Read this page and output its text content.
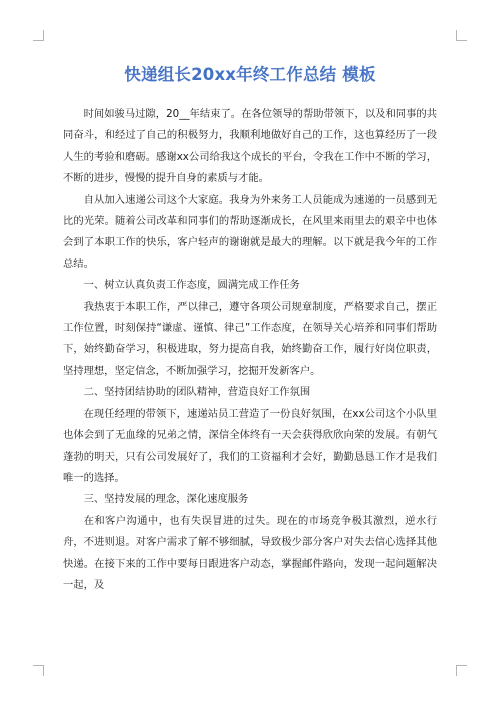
快递组长20xx年终工作总结 模板

时间如骏马过隙，20__年结束了。在各位领导的帮助带领下，以及和同事的共同奋斗，和经过了自己的积极努力，我顺利地做好自己的工作，这也算经历了一段人生的考验和磨砺。感谢xx公司给我这个成长的平台，令我在工作中不断的学习，不断的进步，慢慢的提升自身的素质与才能。

自从加入速递公司这个大家庭。我身为外来务工人员能成为速递的一员感到无比的光荣。随着公司改革和同事们的帮助逐渐成长，在风里来雨里去的艰辛中也体会到了本职工作的快乐，客户轻声的谢谢就是最大的理解。以下就是我今年的工作总结。

一、树立认真负责工作态度，圆满完成工作任务

我热衷于本职工作，严以律己，遵守各项公司规章制度，严格要求自己，摆正工作位置，时刻保持“谦虚、谨慎、律己”工作态度，在领导关心培养和同事们帮助下，始终勤奋学习，积极进取，努力提高自我，始终勤奋工作，履行好岗位职责，坚持理想，坚定信念，不断加强学习，挖掘开发新客户。

二、坚持团结协助的团队精神，营造良好工作氛围

在现任经理的带领下，速递站员工营造了一份良好氛围，在xx公司这个小队里也体会到了无血缘的兄弟之情，深信全体终有一天会获得欣欣向荣的发展。有朝气蓬勃的明天，只有公司发展好了，我们的工资福利才会好，勤勤恳恳工作才是我们唯一的选择。

三、坚持发展的理念，深化速度服务

在和客户沟通中，也有失误冒进的过失。现在的市场竞争极其激烈，逆水行舟，不进则退。对客户需求了解不够细腻，导致极少部分客户对失去信心选择其他快递。在接下来的工作中要每日跟进客户动态，掌握邮件路向，发现一起问题解决一起，及
